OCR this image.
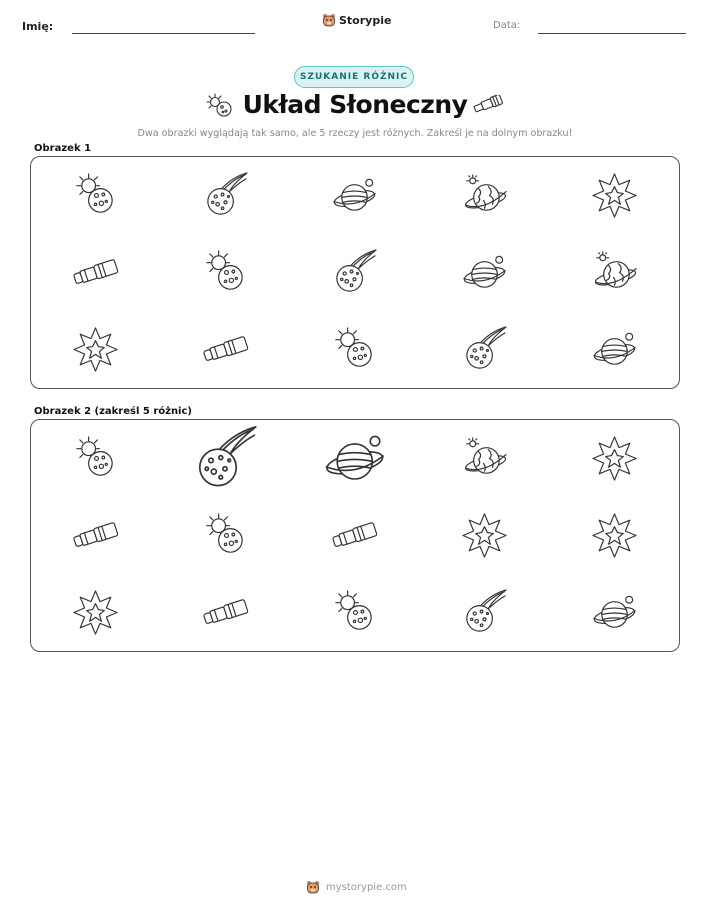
Imię:	Storypie	Data:
SZUKANIE RÓŻNIC
Układ Słoneczny
Dwa obrazki wyglądają tak samo, ale 5 rzeczy jest różnych. Zakreśl je na dolnym obrazku!
Obrazek 1
Obrazek 2 (zakreśl 5 różnic)
mystorypie.com
